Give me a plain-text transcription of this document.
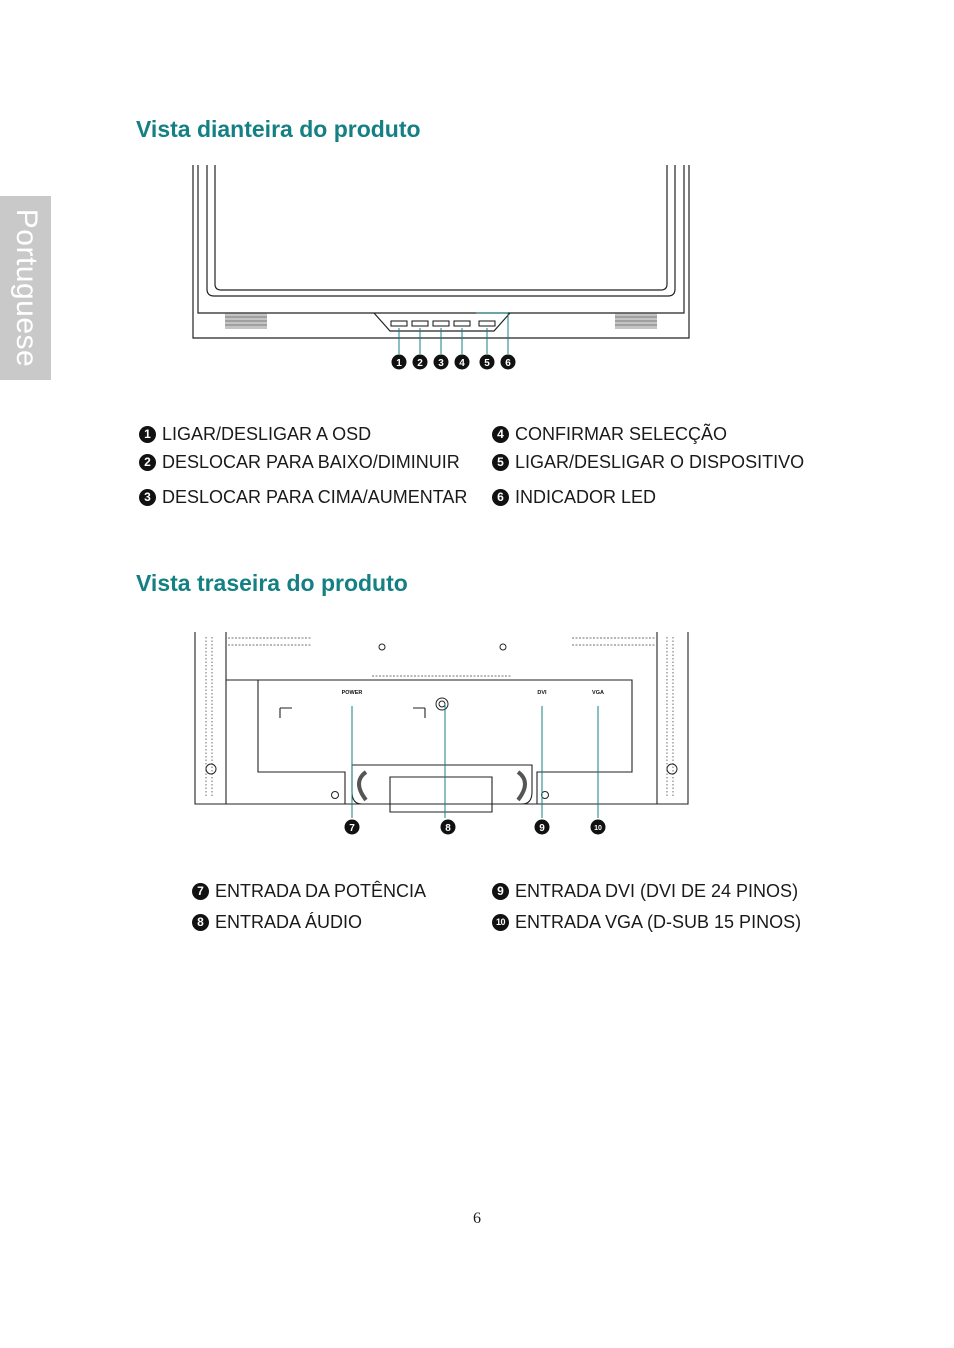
Portuguese
Vista dianteira do produto
1 2 3 4 5 6
1 LIGAR/DESLIGAR A OSD
2 DESLOCAR PARA BAIXO/DIMINUIR
3 DESLOCAR PARA CIMA/AUMENTAR
4 CONFIRMAR SELECÇÃO
5 LIGAR/DESLIGAR O DISPOSITIVO
6 INDICADOR LED
Vista traseira do produto
POWER	DVI	VGA
7	8	9	10
7 ENTRADA DA POTÊNCIA
8 ENTRADA ÁUDIO
9 ENTRADA DVI (DVI DE 24 PINOS)
10 ENTRADA VGA (D-SUB 15 PINOS)
6
